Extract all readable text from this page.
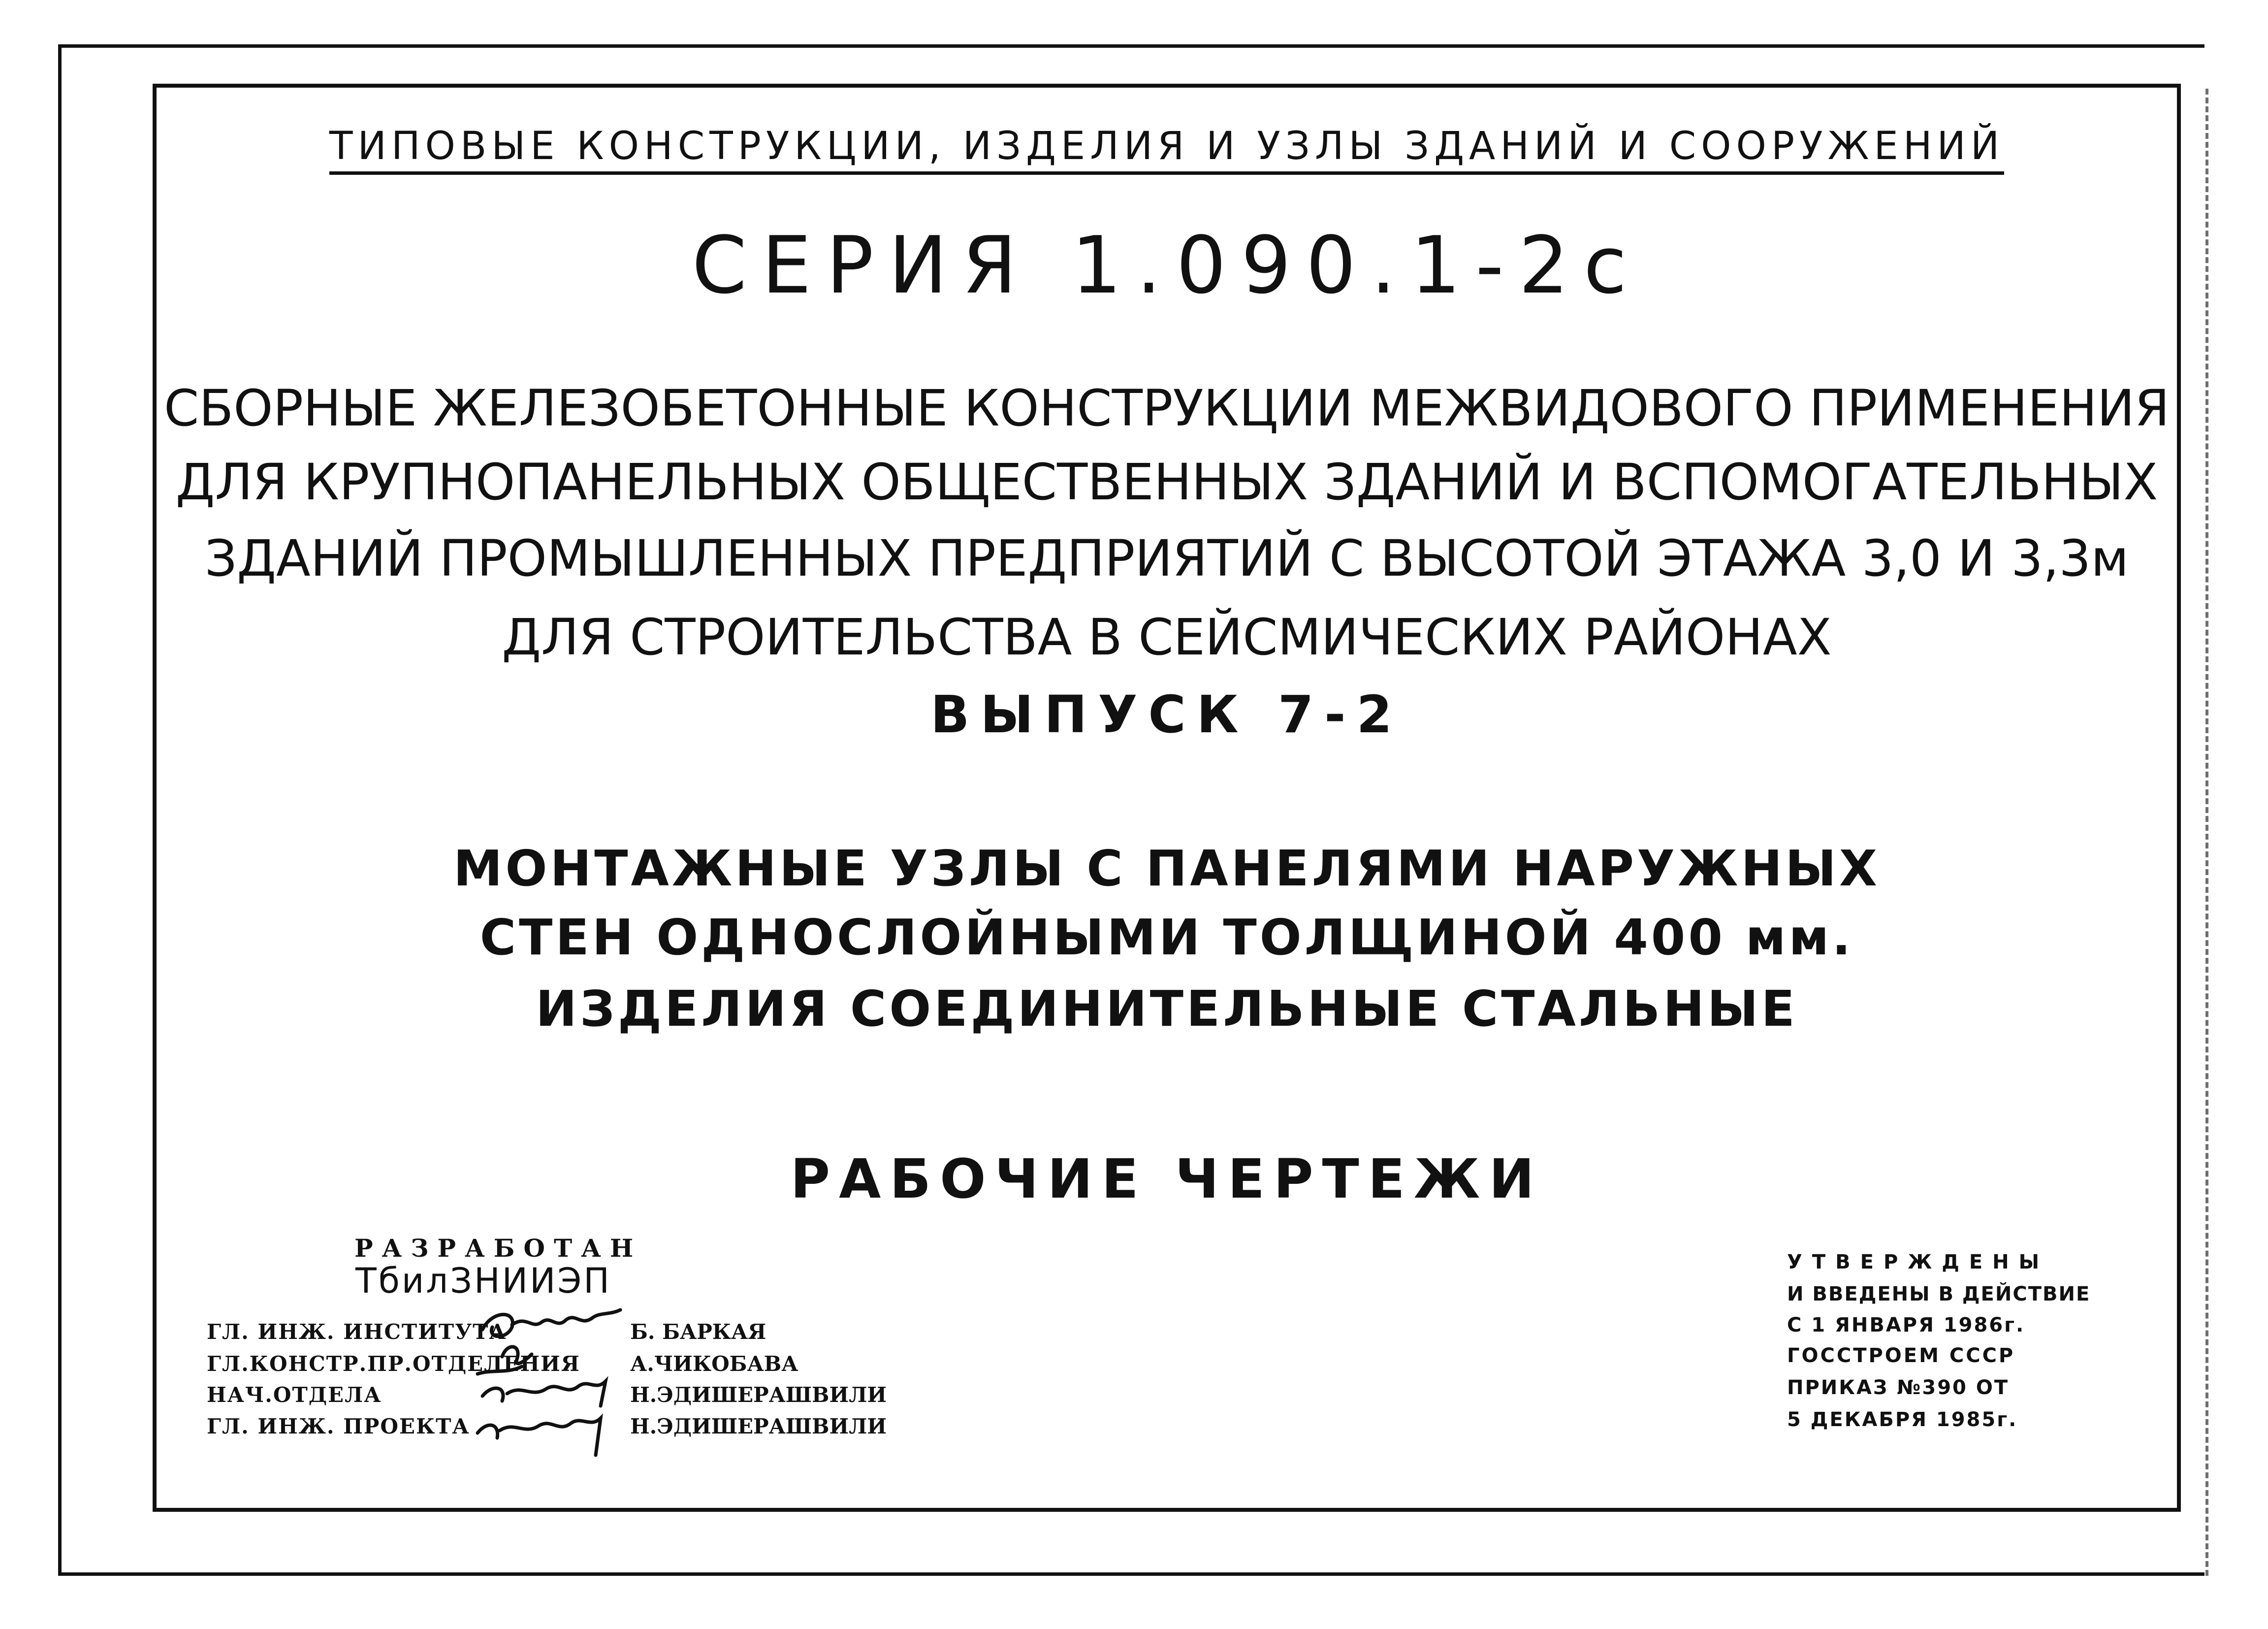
ТИПОВЫЕ КОНСТРУКЦИИ, ИЗДЕЛИЯ И УЗЛЫ ЗДАНИЙ И СООРУЖЕНИЙ
СЕРИЯ 1.090.1-2с
СБОРНЫЕ ЖЕЛЕЗОБЕТОННЫЕ КОНСТРУКЦИИ МЕЖВИДОВОГО ПРИМЕНЕНИЯ
ДЛЯ КРУПНОПАНЕЛЬНЫХ ОБЩЕСТВЕННЫХ ЗДАНИЙ И ВСПОМОГАТЕЛЬНЫХ
ЗДАНИЙ ПРОМЫШЛЕННЫХ ПРЕДПРИЯТИЙ С ВЫСОТОЙ ЭТАЖА 3,0 И 3,3м
ДЛЯ СТРОИТЕЛЬСТВА В СЕЙСМИЧЕСКИХ РАЙОНАХ
ВЫПУСК 7-2
МОНТАЖНЫЕ УЗЛЫ С ПАНЕЛЯМИ НАРУЖНЫХ
СТЕН ОДНОСЛОЙНЫМИ ТОЛЩИНОЙ 400 мм.
ИЗДЕЛИЯ СОЕДИНИТЕЛЬНЫЕ СТАЛЬНЫЕ
РАБОЧИЕ ЧЕРТЕЖИ
РАЗРАБОТАН
ТбилЗНИИЭП
ГЛ. ИНЖ. ИНСТИТУТА
ГЛ.КОНСТР.ПР.ОТДЕЛЕНИЯ
НАЧ.ОТДЕЛА
ГЛ. ИНЖ. ПРОЕКТА
Б. БАРКАЯ
А.ЧИКОБАВА
Н.ЭДИШЕРАШВИЛИ
Н.ЭДИШЕРАШВИЛИ
УТВЕРЖДЕНЫ
И ВВЕДЕНЫ В ДЕЙСТВИЕ
С 1 ЯНВАРЯ 1986г.
ГОССТРОЕМ СССР
ПРИКАЗ №390 ОТ
5 ДЕКАБРЯ 1985г.
